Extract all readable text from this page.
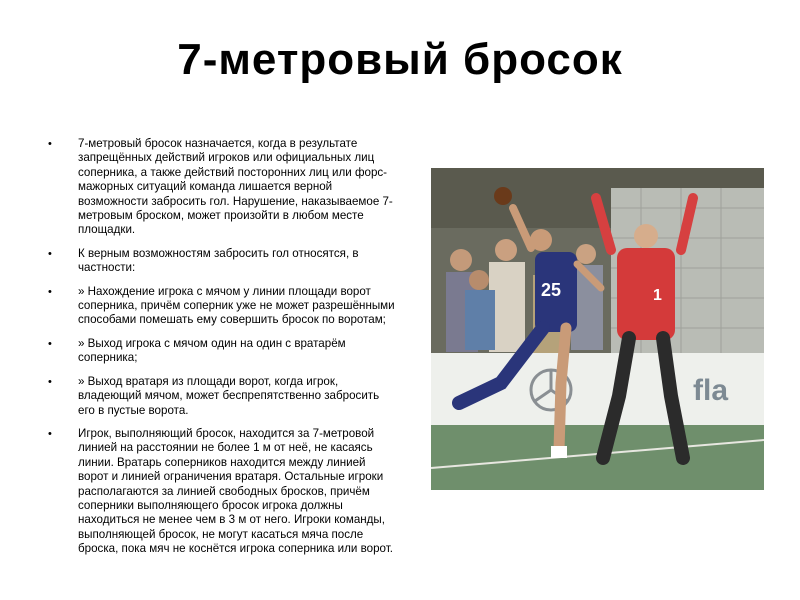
7-метровый бросок
•	7-метровый бросок назначается, когда в результате запрещённых действий игроков или официальных лиц соперника, а также действий посторонних лиц или форс-мажорных ситуаций команда лишается верной возможности забросить гол. Нарушение, наказываемое 7-метровым броском, может произойти в любом месте площадки.
•	К верным возможностям забросить гол относятся, в частности:
•	» Нахождение игрока с мячом у линии площади ворот соперника, причём соперник уже не может разрешёнными способами помешать ему совершить бросок по воротам;
•	» Выход игрока с мячом один на один с вратарём соперника;
•	» Выход вратаря из площади ворот, когда игрок, владеющий мячом, может беспрепятственно забросить его в пустые ворота.
•	Игрок, выполняющий бросок, находится за 7-метровой линией на расстоянии не более 1 м от неё, не касаясь линии. Вратарь соперников находится между линией ворот и линией ограничения вратаря. Остальные игроки располагаются за линией свободных бросков, причём соперники выполняющего бросок игрока должны находиться не менее чем в 3 м от него. Игроки команды, выполняющей бросок, не могут касаться мяча после броска, пока мяч не коснётся игрока соперника или ворот.
fla
25	1
